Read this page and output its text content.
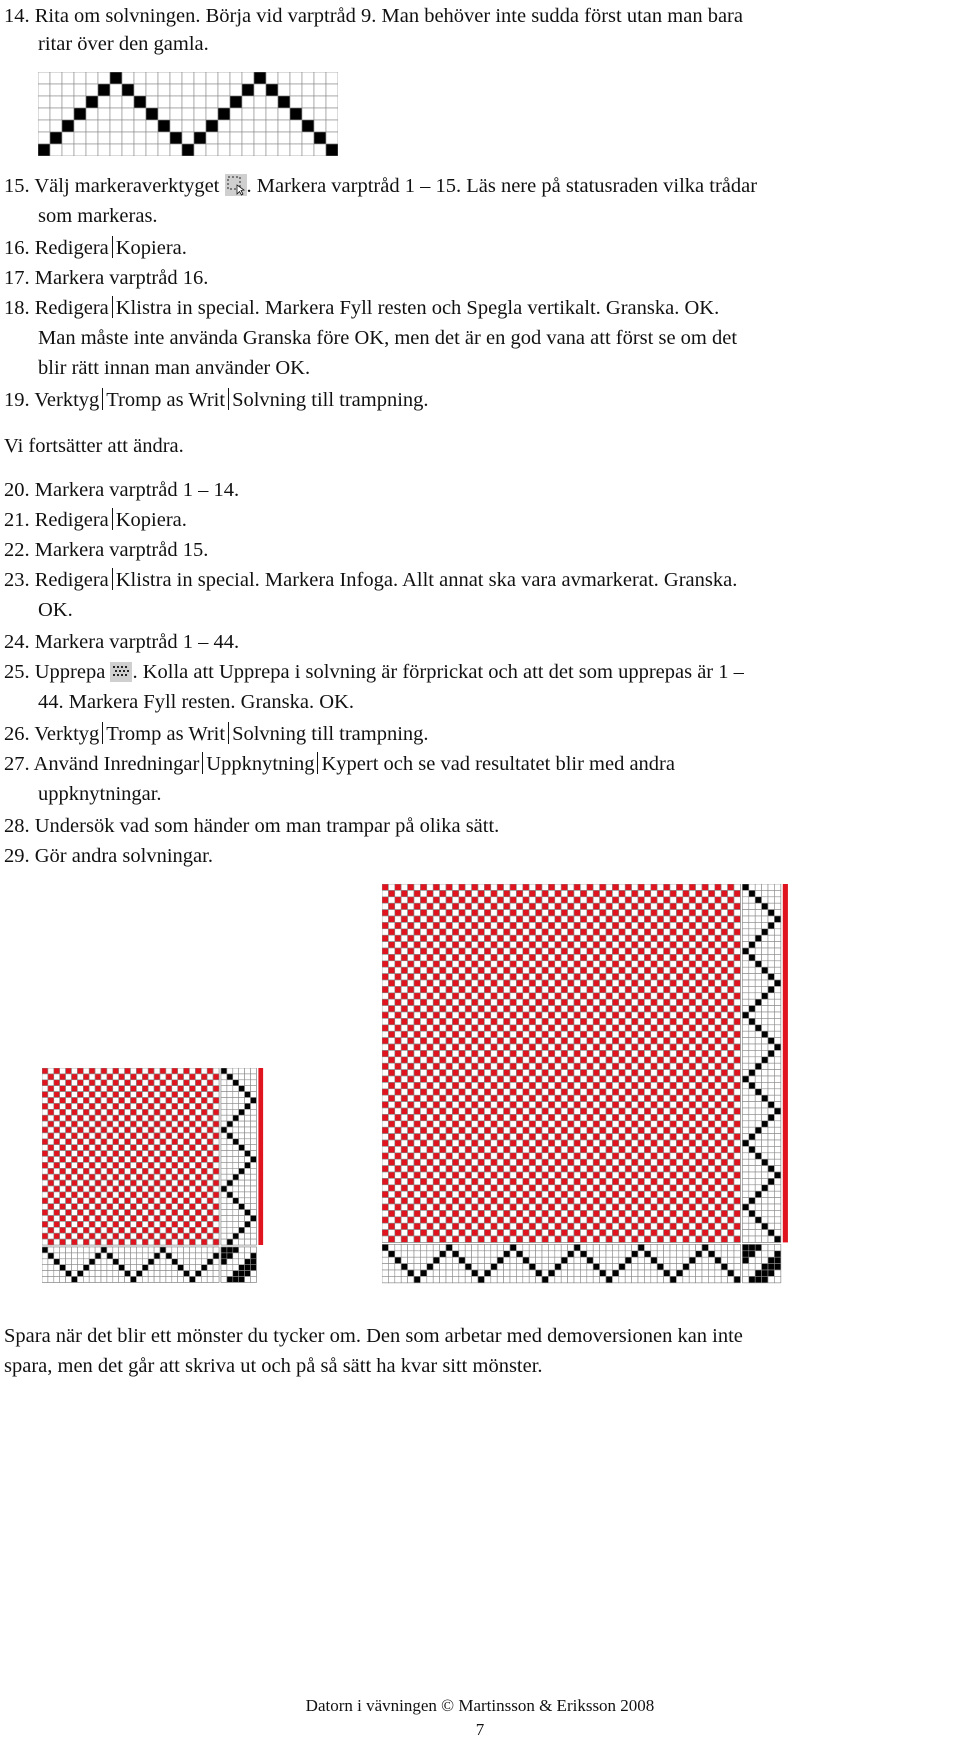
14. Rita om solvningen. Börja vid varptråd 9. Man behöver inte sudda först utan man bara
ritar över den gamla.
15. Välj markeraverktyget . Markera varptråd 1 – 15. Läs nere på statusraden vilka trådar
som markeras.
16. Redigera Kopiera.
17. Markera varptråd 16.
18. Redigera Klistra in special. Markera Fyll resten och Spegla vertikalt. Granska. OK.
Man måste inte använda Granska före OK, men det är en god vana att först se om det
blir rätt innan man använder OK.
19. Verktyg Tromp as Writ Solvning till trampning.
Vi fortsätter att ändra.
20. Markera varptråd 1 – 14.
21. Redigera Kopiera.
22. Markera varptråd 15.
23. Redigera Klistra in special. Markera Infoga. Allt annat ska vara avmarkerat. Granska.
OK.
24. Markera varptråd 1 – 44.
25. Upprepa . Kolla att Upprepa i solvning är förprickat och att det som upprepas är 1 –
44. Markera Fyll resten. Granska. OK.
26. Verktyg Tromp as Writ Solvning till trampning.
27. Använd Inredningar Uppknytning Kypert och se vad resultatet blir med andra
uppknytningar.
28. Undersök vad som händer om man trampar på olika sätt.
29. Gör andra solvningar.
Spara när det blir ett mönster du tycker om. Den som arbetar med demoversionen kan inte
spara, men det går att skriva ut och på så sätt ha kvar sitt mönster.
Datorn i vävningen © Martinsson & Eriksson 2008
7
